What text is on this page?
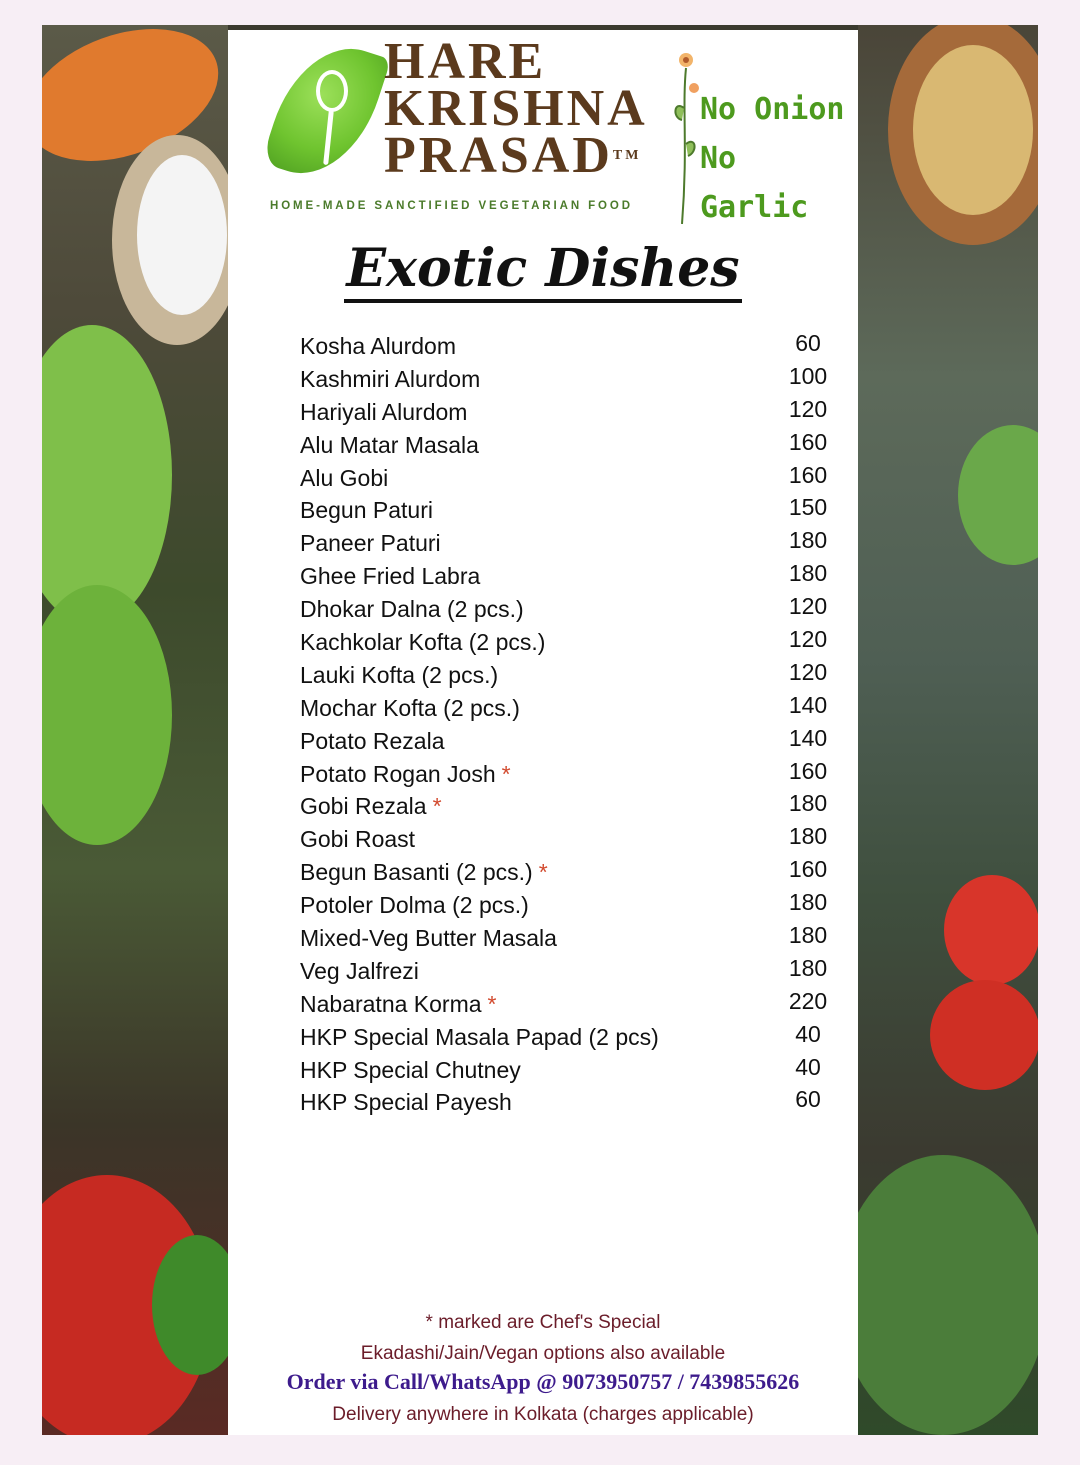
HARE
KRISHNA
PRASAD™
HOME-MADE SANCTIFIED VEGETARIAN FOOD
No Onion
No Garlic
Exotic Dishes
Kosha Alurdom	60
Kashmiri Alurdom	100
Hariyali Alurdom	120
Alu Matar Masala	160
Alu Gobi	160
Begun Paturi	150
Paneer Paturi	180
Ghee Fried Labra	180
Dhokar Dalna (2 pcs.)	120
Kachkolar Kofta (2 pcs.)	120
Lauki Kofta (2 pcs.)	120
Mochar Kofta (2 pcs.)	140
Potato Rezala	140
Potato Rogan Josh *	160
Gobi Rezala *	180
Gobi Roast	180
Begun Basanti (2 pcs.) *	160
Potoler Dolma (2 pcs.)	180
Mixed-Veg Butter Masala	180
Veg Jalfrezi	180
Nabaratna Korma *	220
HKP Special Masala Papad (2 pcs)	40
HKP Special Chutney	40
HKP Special Payesh	60
* marked are Chef's Special
Ekadashi/Jain/Vegan options also available
Order via Call/WhatsApp @ 9073950757 / 7439855626
Delivery anywhere in Kolkata (charges applicable)
